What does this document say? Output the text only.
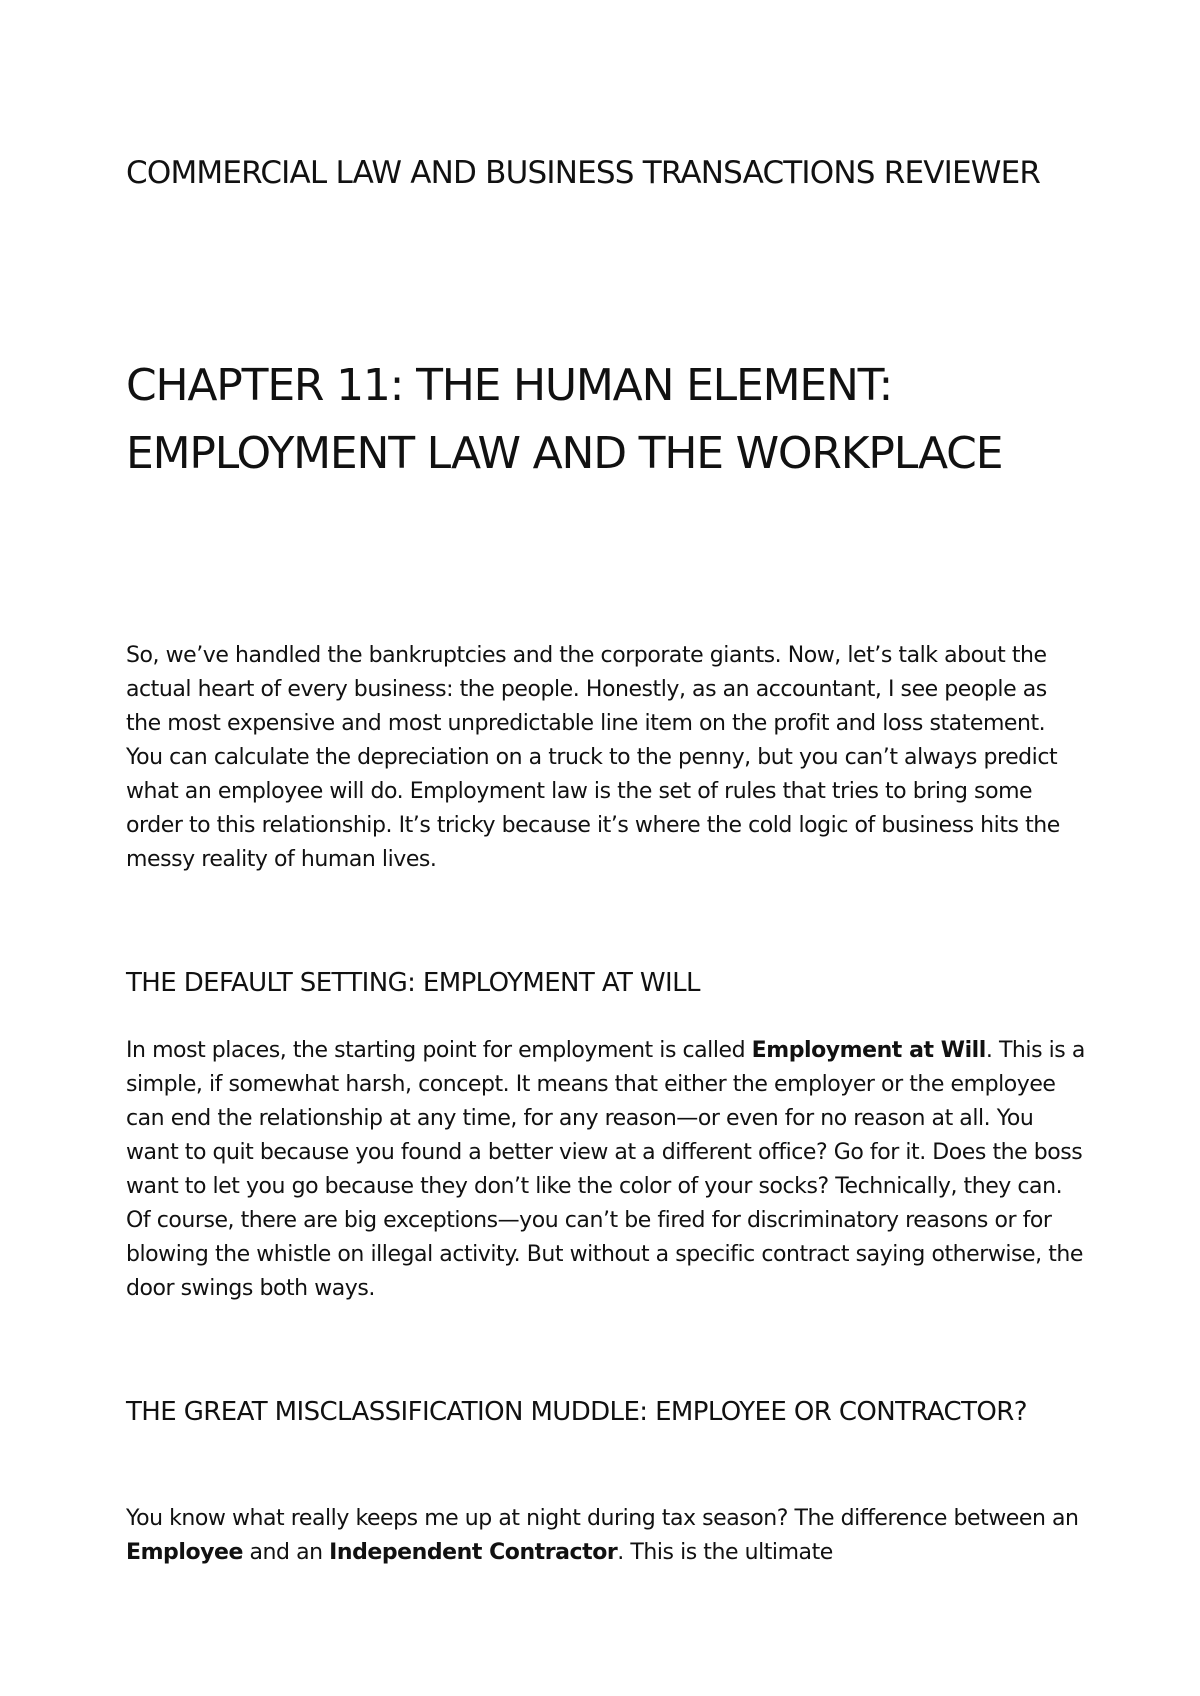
COMMERCIAL LAW AND BUSINESS TRANSACTIONS REVIEWER
CHAPTER 11: THE HUMAN ELEMENT: EMPLOYMENT LAW AND THE WORKPLACE

So, we’ve handled the bankruptcies and the corporate giants. Now, let’s talk about the actual heart of every business: the people. Honestly, as an accountant, I see people as the most expensive and most unpredictable line item on the profit and loss statement. You can calculate the depreciation on a truck to the penny, but you can’t always predict what an employee will do. Employment law is the set of rules that tries to bring some order to this relationship. It’s tricky because it’s where the cold logic of business hits the messy reality of human lives.

THE DEFAULT SETTING: EMPLOYMENT AT WILL

In most places, the starting point for employment is called Employment at Will. This is a simple, if somewhat harsh, concept. It means that either the employer or the employee can end the relationship at any time, for any reason—or even for no reason at all. You want to quit because you found a better view at a different office? Go for it. Does the boss want to let you go because they don’t like the color of your socks? Technically, they can. Of course, there are big exceptions—you can’t be fired for discriminatory reasons or for blowing the whistle on illegal activity. But without a specific contract saying otherwise, the door swings both ways.

THE GREAT MISCLASSIFICATION MUDDLE: EMPLOYEE OR CONTRACTOR?

You know what really keeps me up at night during tax season? The difference between an Employee and an Independent Contractor. This is the ultimate
